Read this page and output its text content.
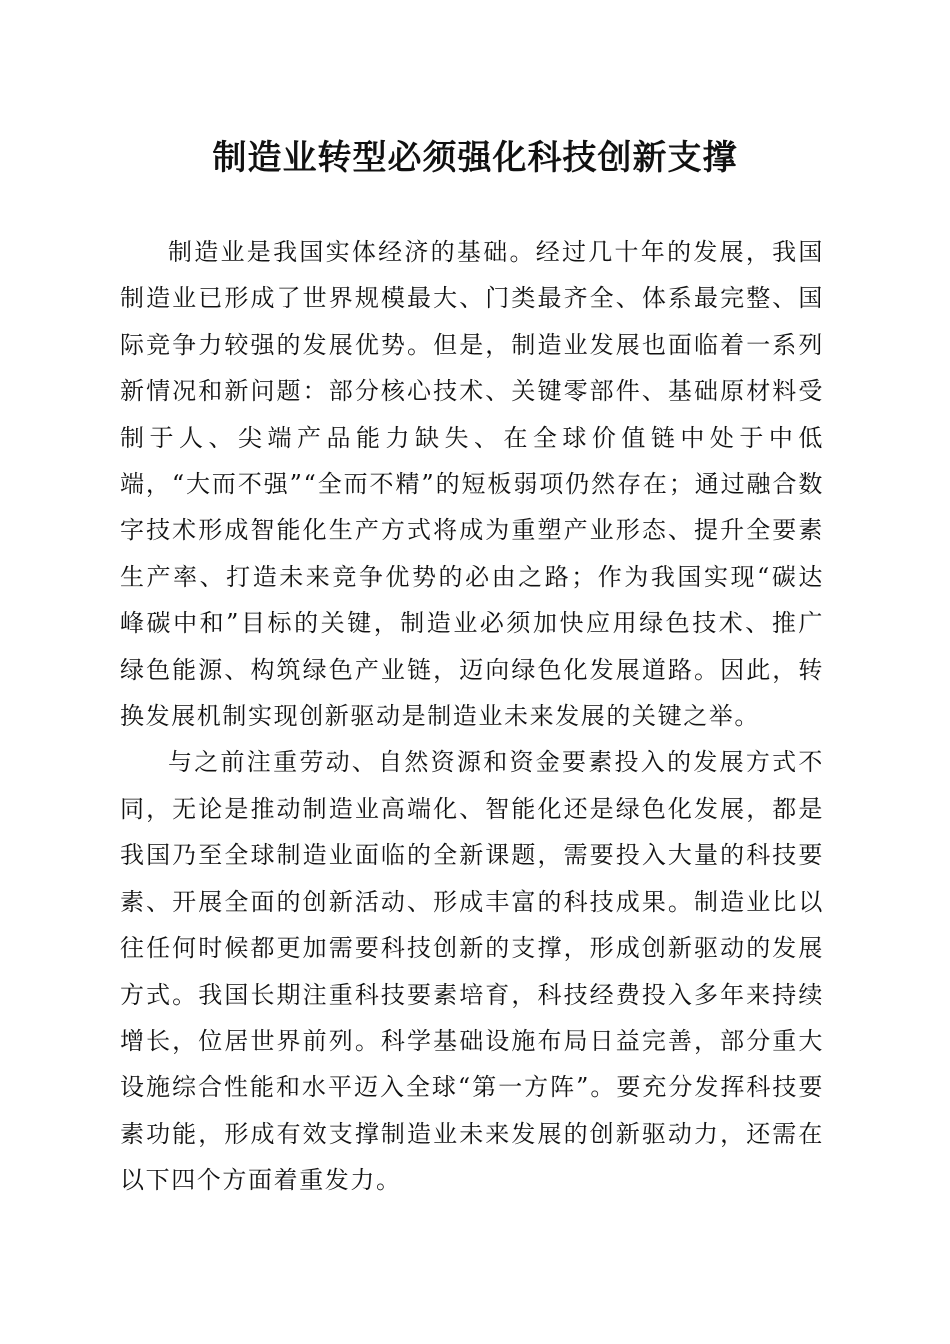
制造业转型必须强化科技创新支撑

制造业是我国实体经济的基础。经过几十年的发展，我国制造业已形成了世界规模最大、门类最齐全、体系最完整、国际竞争力较强的发展优势。但是，制造业发展也面临着一系列新情况和新问题：部分核心技术、关键零部件、基础原材料受制于人、尖端产品能力缺失、在全球价值链中处于中低端，“大而不强”“全而不精”的短板弱项仍然存在；通过融合数字技术形成智能化生产方式将成为重塑产业形态、提升全要素生产率、打造未来竞争优势的必由之路；作为我国实现“碳达峰碳中和”目标的关键，制造业必须加快应用绿色技术、推广绿色能源、构筑绿色产业链，迈向绿色化发展道路。因此，转换发展机制实现创新驱动是制造业未来发展的关键之举。

与之前注重劳动、自然资源和资金要素投入的发展方式不同，无论是推动制造业高端化、智能化还是绿色化发展，都是我国乃至全球制造业面临的全新课题，需要投入大量的科技要素、开展全面的创新活动、形成丰富的科技成果。制造业比以往任何时候都更加需要科技创新的支撑，形成创新驱动的发展方式。我国长期注重科技要素培育，科技经费投入多年来持续增长，位居世界前列。科学基础设施布局日益完善，部分重大设施综合性能和水平迈入全球“第一方阵”。要充分发挥科技要素功能，形成有效支撑制造业未来发展的创新驱动力，还需在以下四个方面着重发力。
